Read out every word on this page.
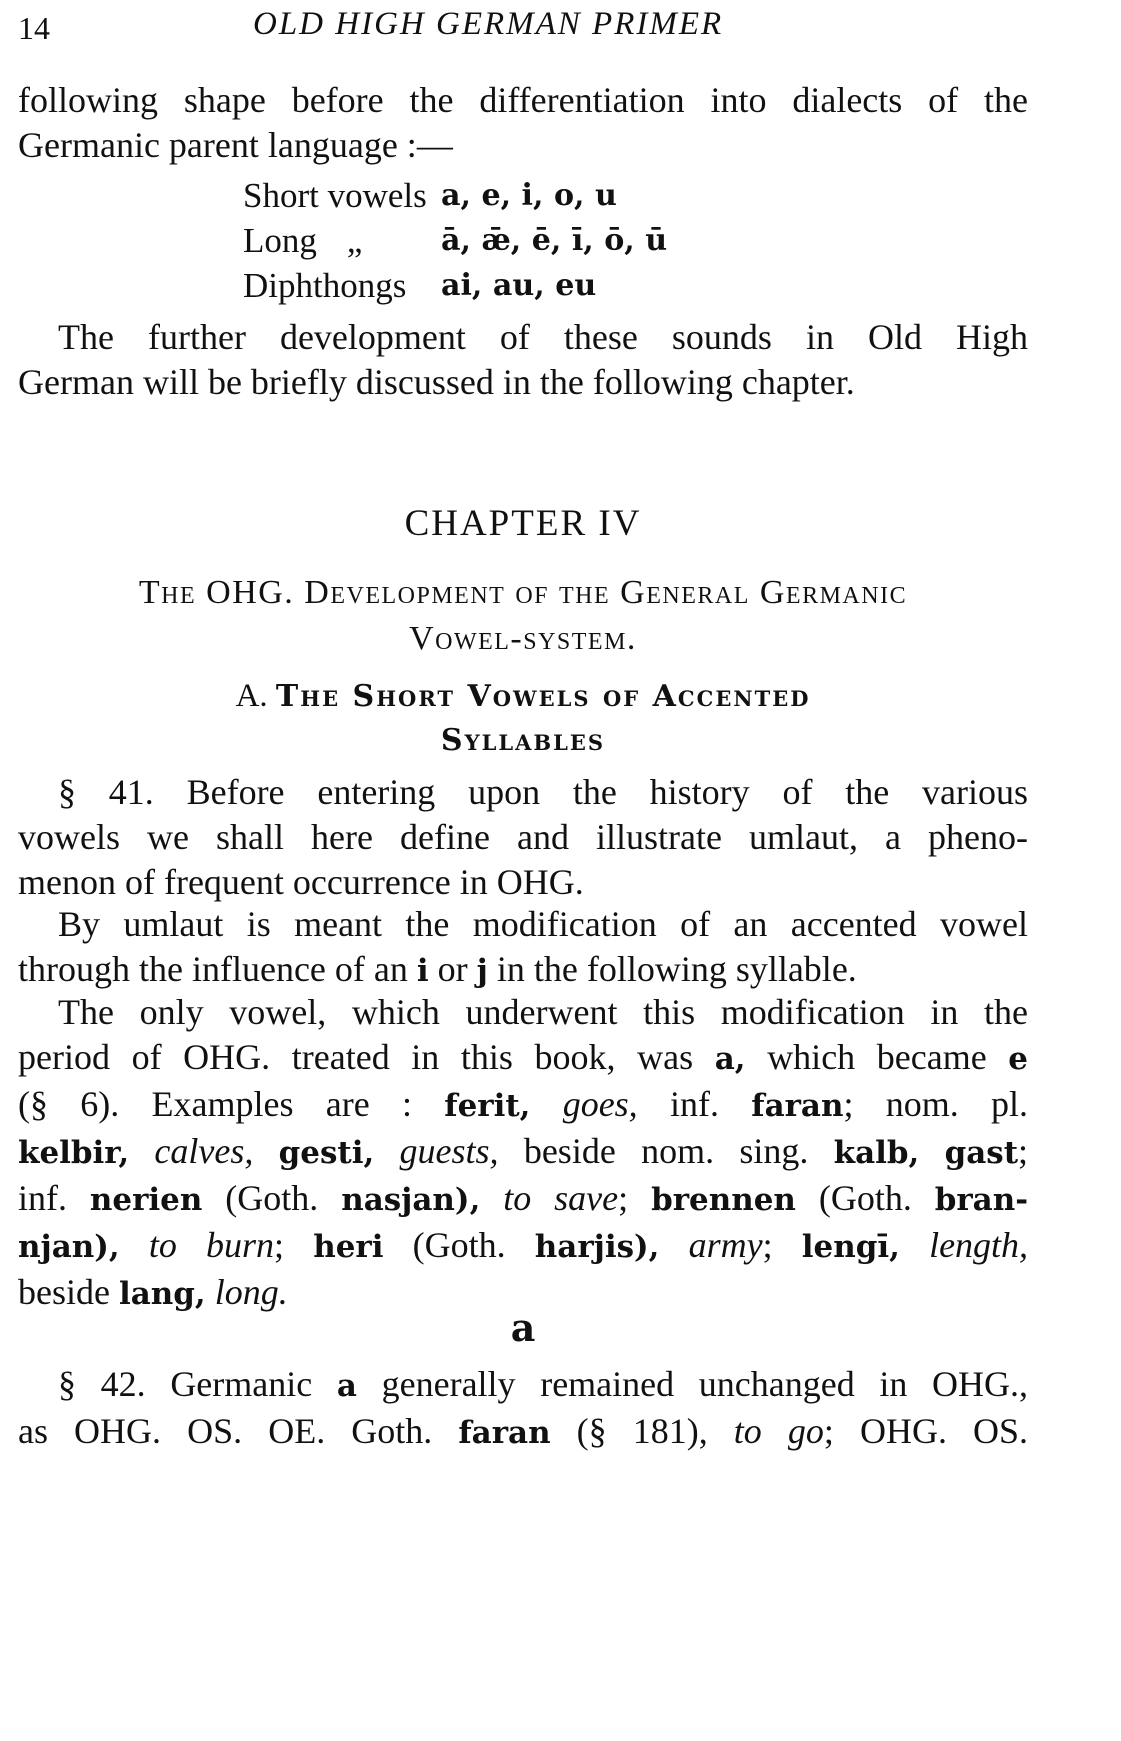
14	OLD HIGH GERMAN PRIMER
following shape before the differentiation into dialects of the
Germanic parent language :—
Short vowels a, e, i, o, u
Long „	ā, ǣ, ē, ī, ō, ū
Diphthongs	ai, au, eu
The further development of these sounds in Old High
German will be briefly discussed in the following chapter.
CHAPTER IV
The OHG. Development of the General Germanic
Vowel-system.
A. The Short Vowels of Accented
Syllables
§ 41. Before entering upon the history of the various
vowels we shall here define and illustrate umlaut, a pheno-
menon of frequent occurrence in OHG.
By umlaut is meant the modification of an accented vowel
through the influence of an i or j in the following syllable.
The only vowel, which underwent this modification in the
period of OHG. treated in this book, was a, which became e
(§ 6). Examples are : ferit, goes, inf. faran; nom. pl.
kelbir, calves, gesti, guests, beside nom. sing. kalb, gast;
inf. nerien (Goth. nasjan), to save; brennen (Goth. bran-
njan), to burn; heri (Goth. harjis), army; lengī, length,
beside lang, long.
a
§ 42. Germanic a generally remained unchanged in OHG.,
as OHG. OS. OE. Goth. faran (§ 181), to go; OHG. OS.
